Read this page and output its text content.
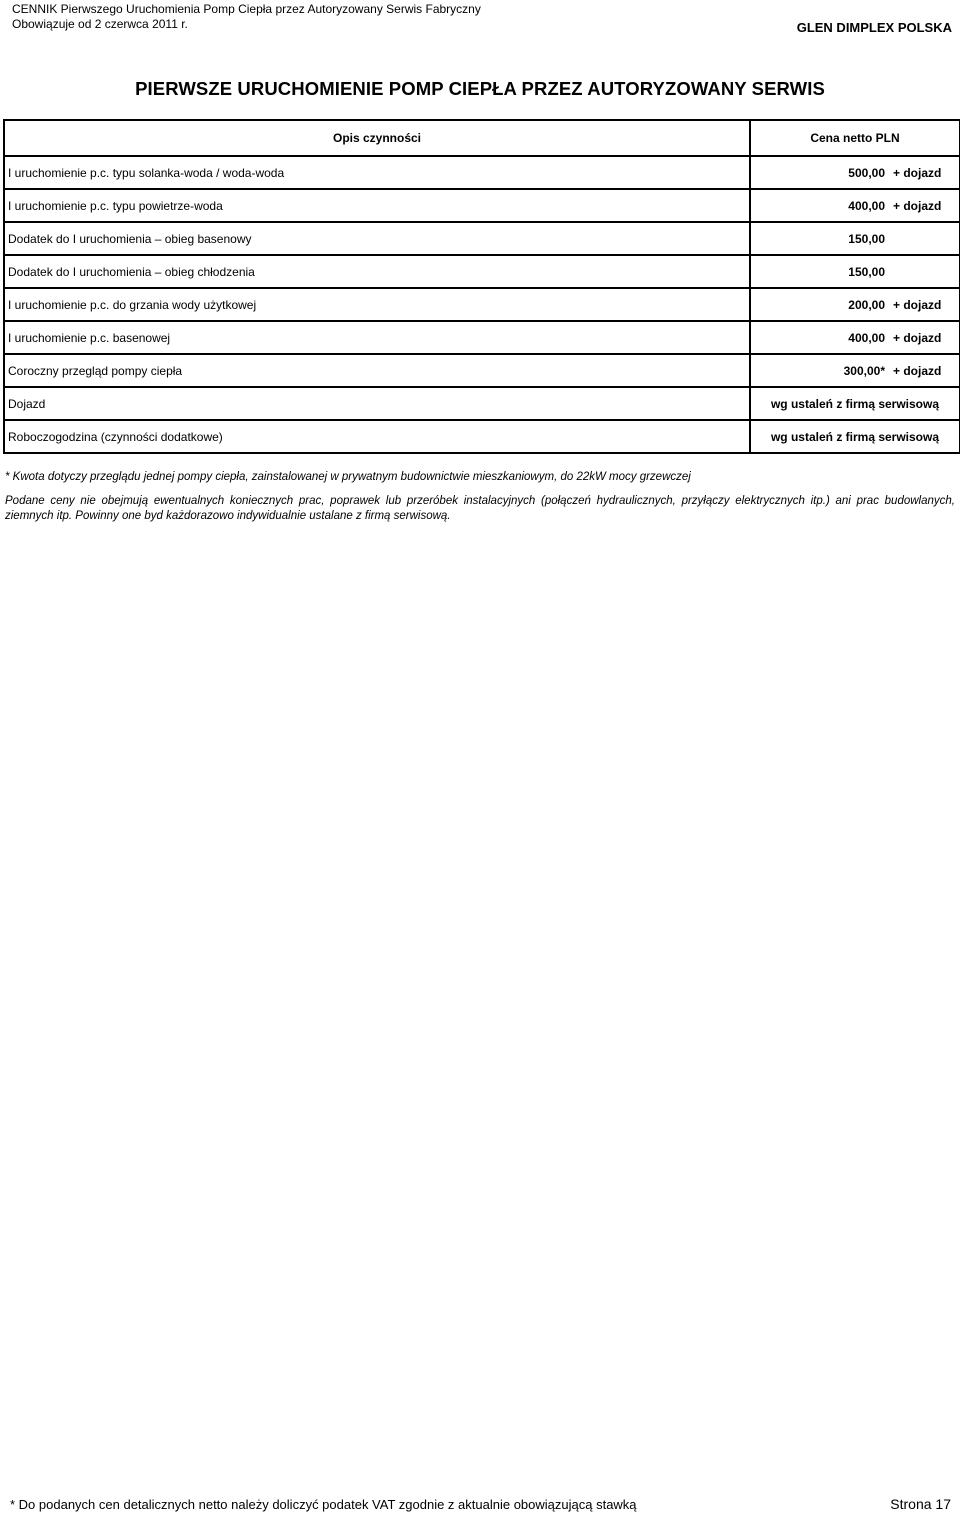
CENNIK Pierwszego Uruchomienia Pomp Ciepła przez Autoryzowany Serwis Fabryczny
Obowiązuje od 2 czerwca 2011 r.	GLEN DIMPLEX POLSKA
PIERWSZE URUCHOMIENIE POMP CIEPŁA PRZEZ AUTORYZOWANY SERWIS
Opis czynności	Cena netto PLN
I uruchomienie p.c. typu solanka-woda / woda-woda	500,00 + dojazd
I uruchomienie p.c. typu powietrze-woda	400,00 + dojazd
Dodatek do I uruchomienia – obieg basenowy	150,00
Dodatek do I uruchomienia – obieg chłodzenia	150,00
I uruchomienie p.c. do grzania wody użytkowej	200,00 + dojazd
I uruchomienie p.c. basenowej	400,00 + dojazd
Coroczny przegląd pompy ciepła	300,00* + dojazd
Dojazd	wg ustaleń z firmą serwisową
Roboczogodzina (czynności dodatkowe)	wg ustaleń z firmą serwisową
* Kwota dotyczy przeglądu jednej pompy ciepła, zainstalowanej w prywatnym budownictwie mieszkaniowym, do 22kW mocy grzewczej
Podane ceny nie obejmują ewentualnych koniecznych prac, poprawek lub przeróbek instalacyjnych (połączeń hydraulicznych, przyłączy elektrycznych itp.) ani prac budowlanych, ziemnych itp. Powinny one byd każdorazowo indywidualnie ustalane z firmą serwisową.
* Do podanych cen detalicznych netto należy doliczyć podatek VAT zgodnie z aktualnie obowiązującą stawką	Strona 17
